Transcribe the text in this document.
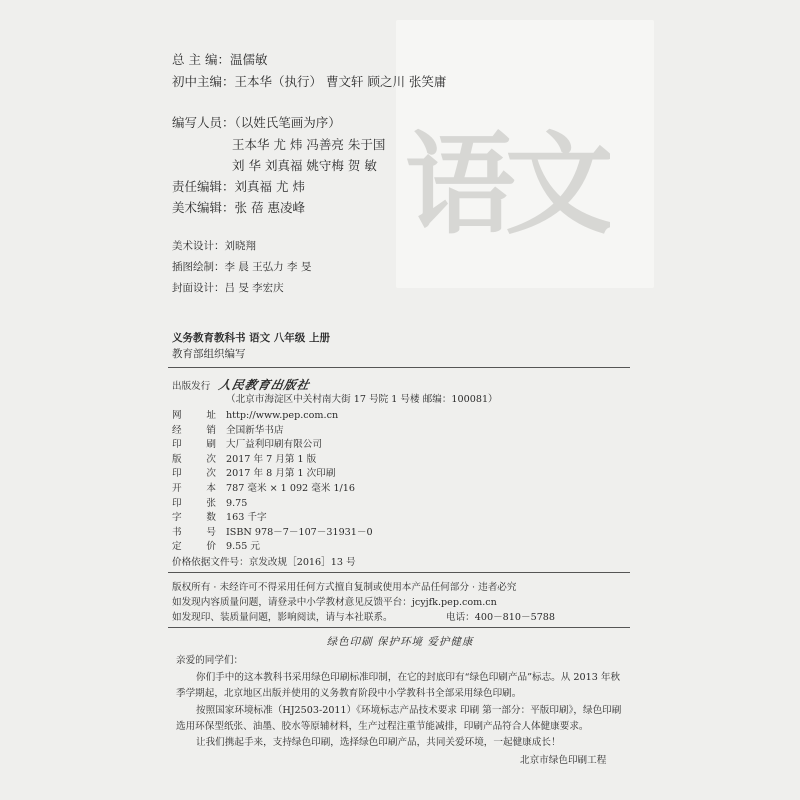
语文
总 主 编：温儒敏
初中主编：王本华（执行） 曹文轩 顾之川 张笑庸
编写人员：（以姓氏笔画为序）
王本华 尤 炜 冯善亮 朱于国
刘 华 刘真福 姚守梅 贺 敏
责任编辑：刘真福 尤 炜
美术编辑：张 蓓 惠凌峰
美术设计：刘晓翔
插图绘制：李 晨 王弘力 李 旻
封面设计：吕 旻 李宏庆
义务教育教科书 语文 八年级 上册
教育部组织编写
出版发行 人民教育出版社
（北京市海淀区中关村南大街 17 号院 1 号楼 邮编：100081）
网址 http://www.pep.com.cn
经销 全国新华书店
印刷 大厂益利印刷有限公司
版次 2017 年 7 月第 1 版
印次 2017 年 8 月第 1 次印刷
开本 787 毫米 × 1 092 毫米 1/16
印张 9.75
字数 163 千字
书号 ISBN 978－7－107－31931－0
定价 9.55 元
价格依据文件号：京发改规［2016］13 号
版权所有 · 未经许可不得采用任何方式擅自复制或使用本产品任何部分 · 违者必究
如发现内容质量问题，请登录中小学教材意见反馈平台：jcyjfk.pep.com.cn
如发现印、装质量问题，影响阅读，请与本社联系。	电话：400－810－5788
绿色印刷 保护环境 爱护健康
亲爱的同学们：
你们手中的这本教科书采用绿色印刷标准印制，在它的封底印有“绿色印刷产品”标志。从 2013 年秋
季学期起，北京地区出版并使用的义务教育阶段中小学教科书全部采用绿色印刷。
按照国家环境标准（HJ2503-2011）《环境标志产品技术要求 印刷 第一部分：平版印刷》，绿色印刷
选用环保型纸张、油墨、胶水等原辅材料，生产过程注重节能减排，印刷产品符合人体健康要求。
让我们携起手来，支持绿色印刷，选择绿色印刷产品，共同关爱环境，一起健康成长！
北京市绿色印刷工程
